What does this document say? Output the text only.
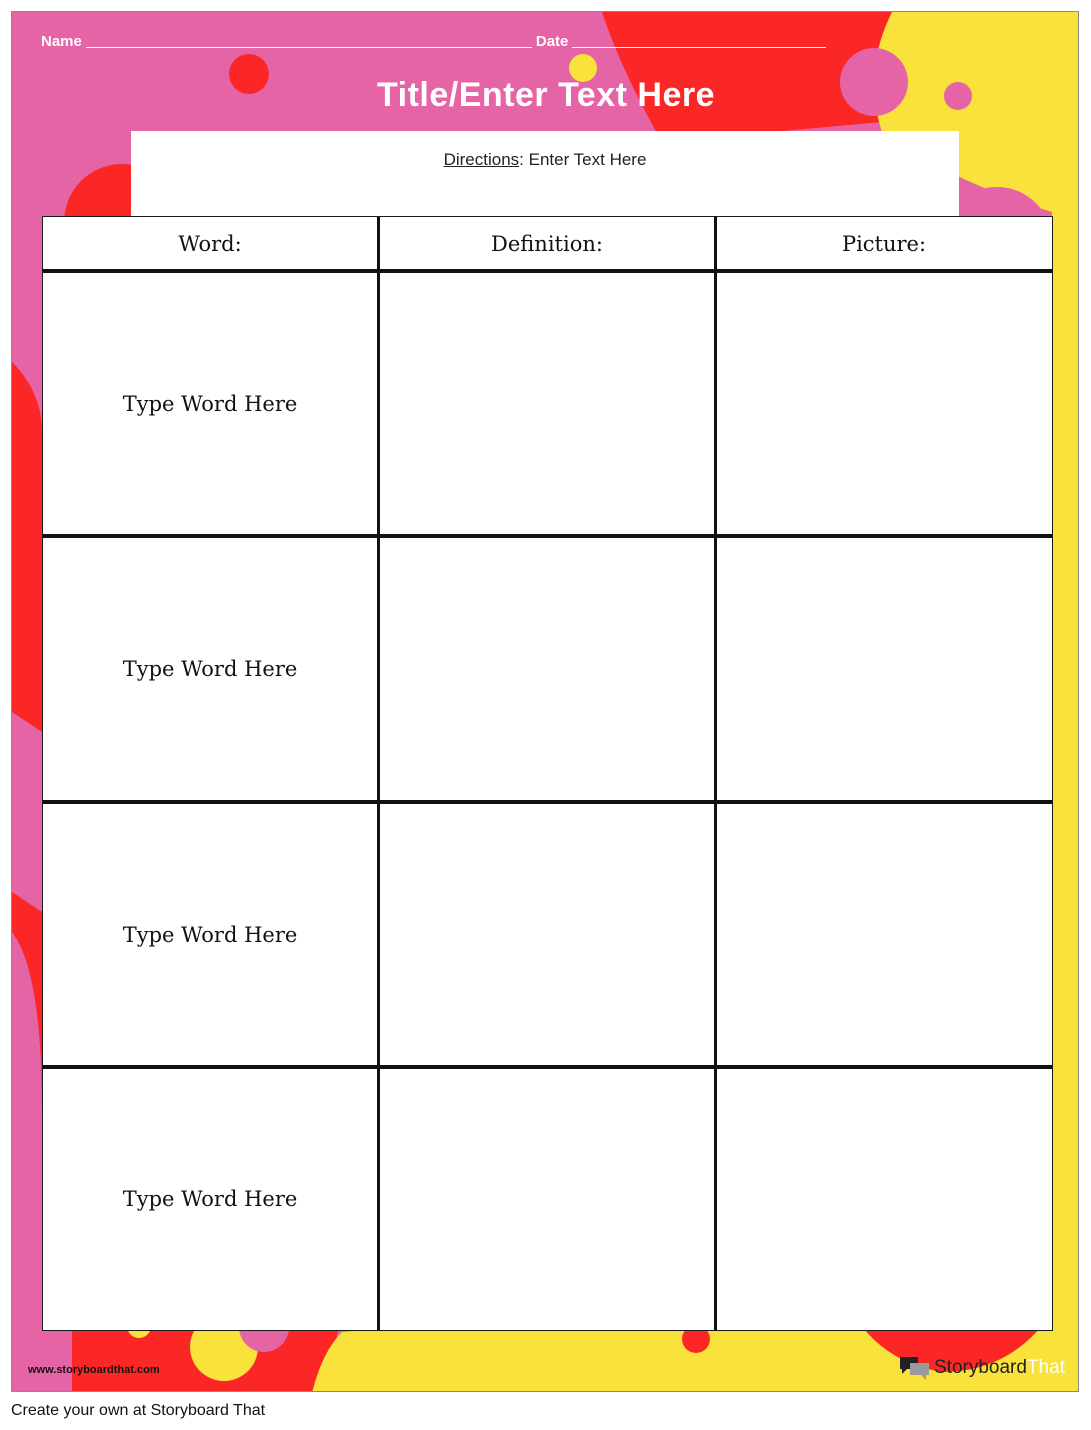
Name	Date
Title/Enter Text Here
Directions: Enter Text Here
Word:	Definition:	Picture:
Type Word Here
Type Word Here
Type Word Here
Type Word Here
www.storyboardthat.com	Storyboard That
Create your own at Storyboard That
